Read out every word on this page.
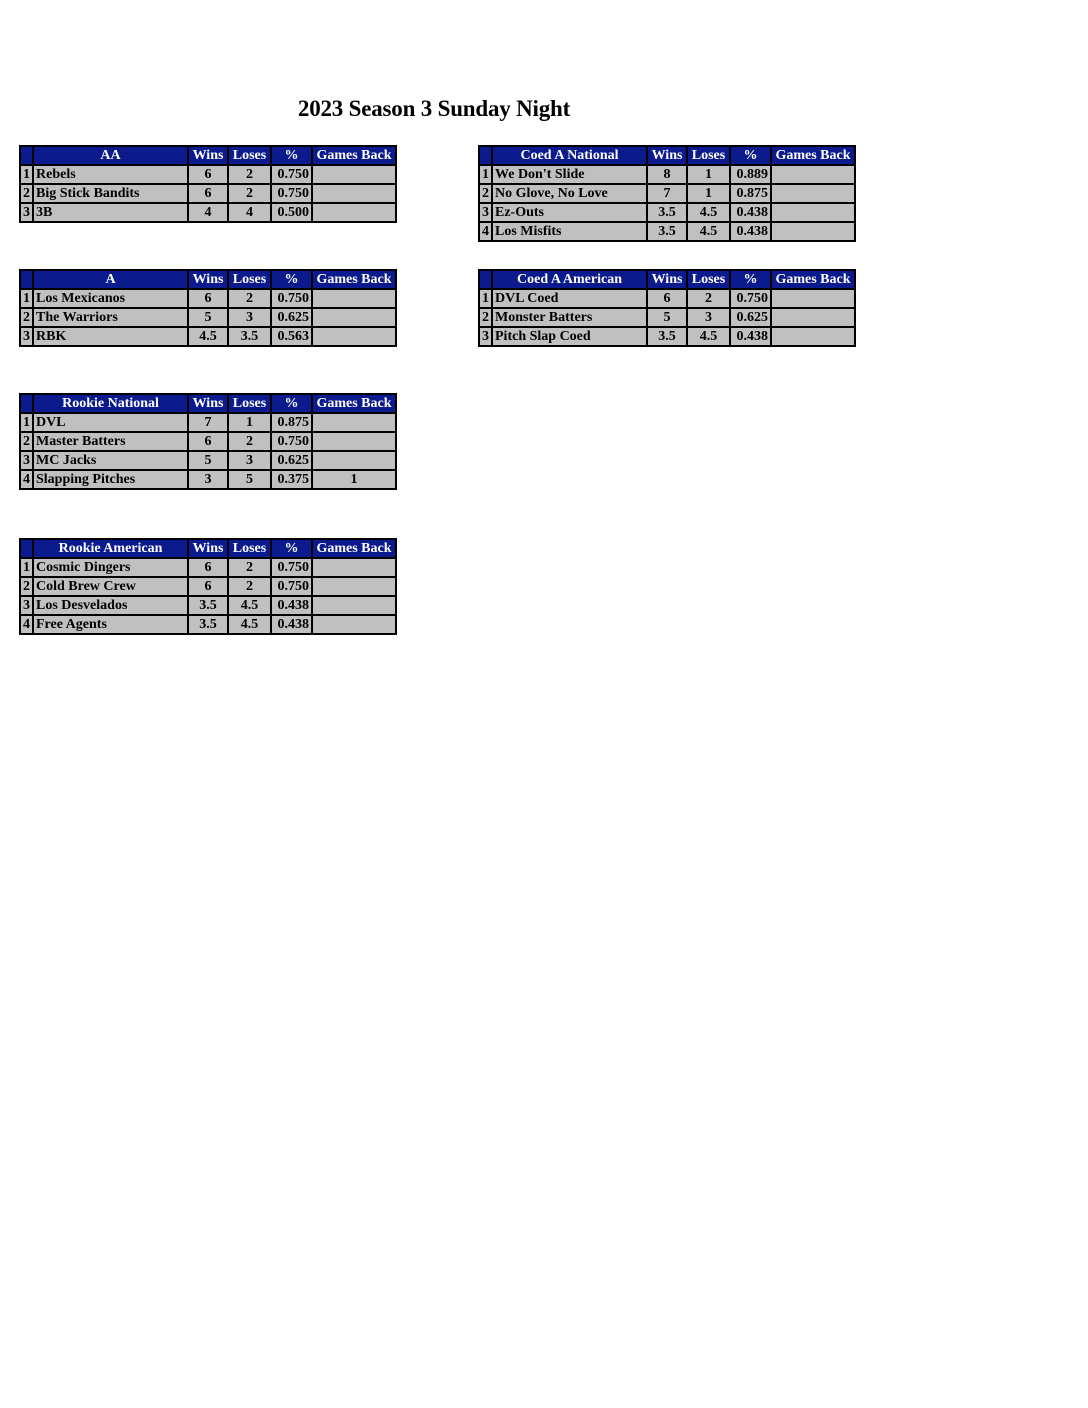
2023 Season 3 Sunday Night
	AA	Wins	Loses	%	Games Back
1	Rebels	6	2	0.750	
2	Big Stick Bandits	6	2	0.750	
3	3B	4	4	0.500	
	Coed A National	Wins	Loses	%	Games Back
1	We Don't Slide	8	1	0.889	
2	No Glove, No Love	7	1	0.875	
3	Ez-Outs	3.5	4.5	0.438	
4	Los Misfits	3.5	4.5	0.438	
	A	Wins	Loses	%	Games Back
1	Los Mexicanos	6	2	0.750	
2	The Warriors	5	3	0.625	
3	RBK	4.5	3.5	0.563	
	Coed A American	Wins	Loses	%	Games Back
1	DVL Coed	6	2	0.750	
2	Monster Batters	5	3	0.625	
3	Pitch Slap Coed	3.5	4.5	0.438	
	Rookie National	Wins	Loses	%	Games Back
1	DVL	7	1	0.875	
2	Master Batters	6	2	0.750	
3	MC Jacks	5	3	0.625	
4	Slapping Pitches	3	5	0.375	1
	Rookie American	Wins	Loses	%	Games Back
1	Cosmic Dingers	6	2	0.750	
2	Cold Brew Crew	6	2	0.750	
3	Los Desvelados	3.5	4.5	0.438	
4	Free Agents	3.5	4.5	0.438	
